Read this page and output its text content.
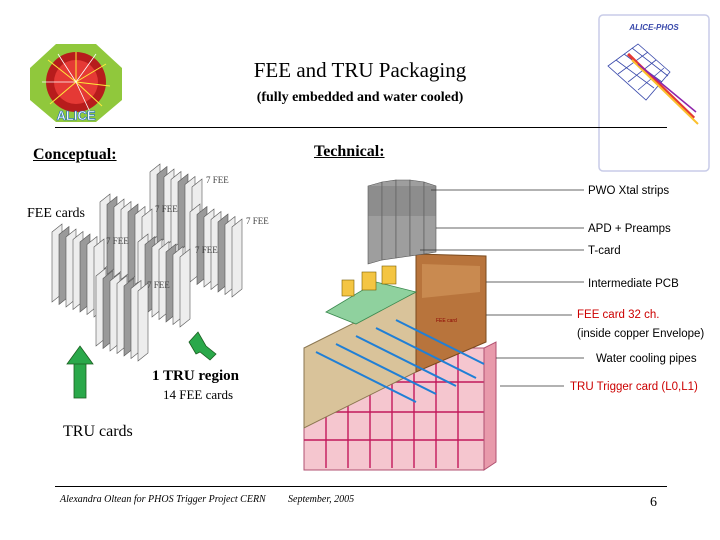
ALICE
ALICE-PHOS
FEE and TRU Packaging
(fully embedded and water cooled)
Conceptual:	Technical:
7 FEE
7 FEE
7 FEE
7 FEE
7 FEE
7 FEE
FEE cards
1 TRU region
14 FEE cards
TRU cards
FEE card
PWO Xtal strips
APD + Preamps
T-card
Intermediate PCB
FEE card 32 ch.
(inside copper Envelope)
Water cooling pipes
TRU Trigger card (L0,L1)
Alexandra Oltean for PHOS Trigger Project CERN September, 2005	6
